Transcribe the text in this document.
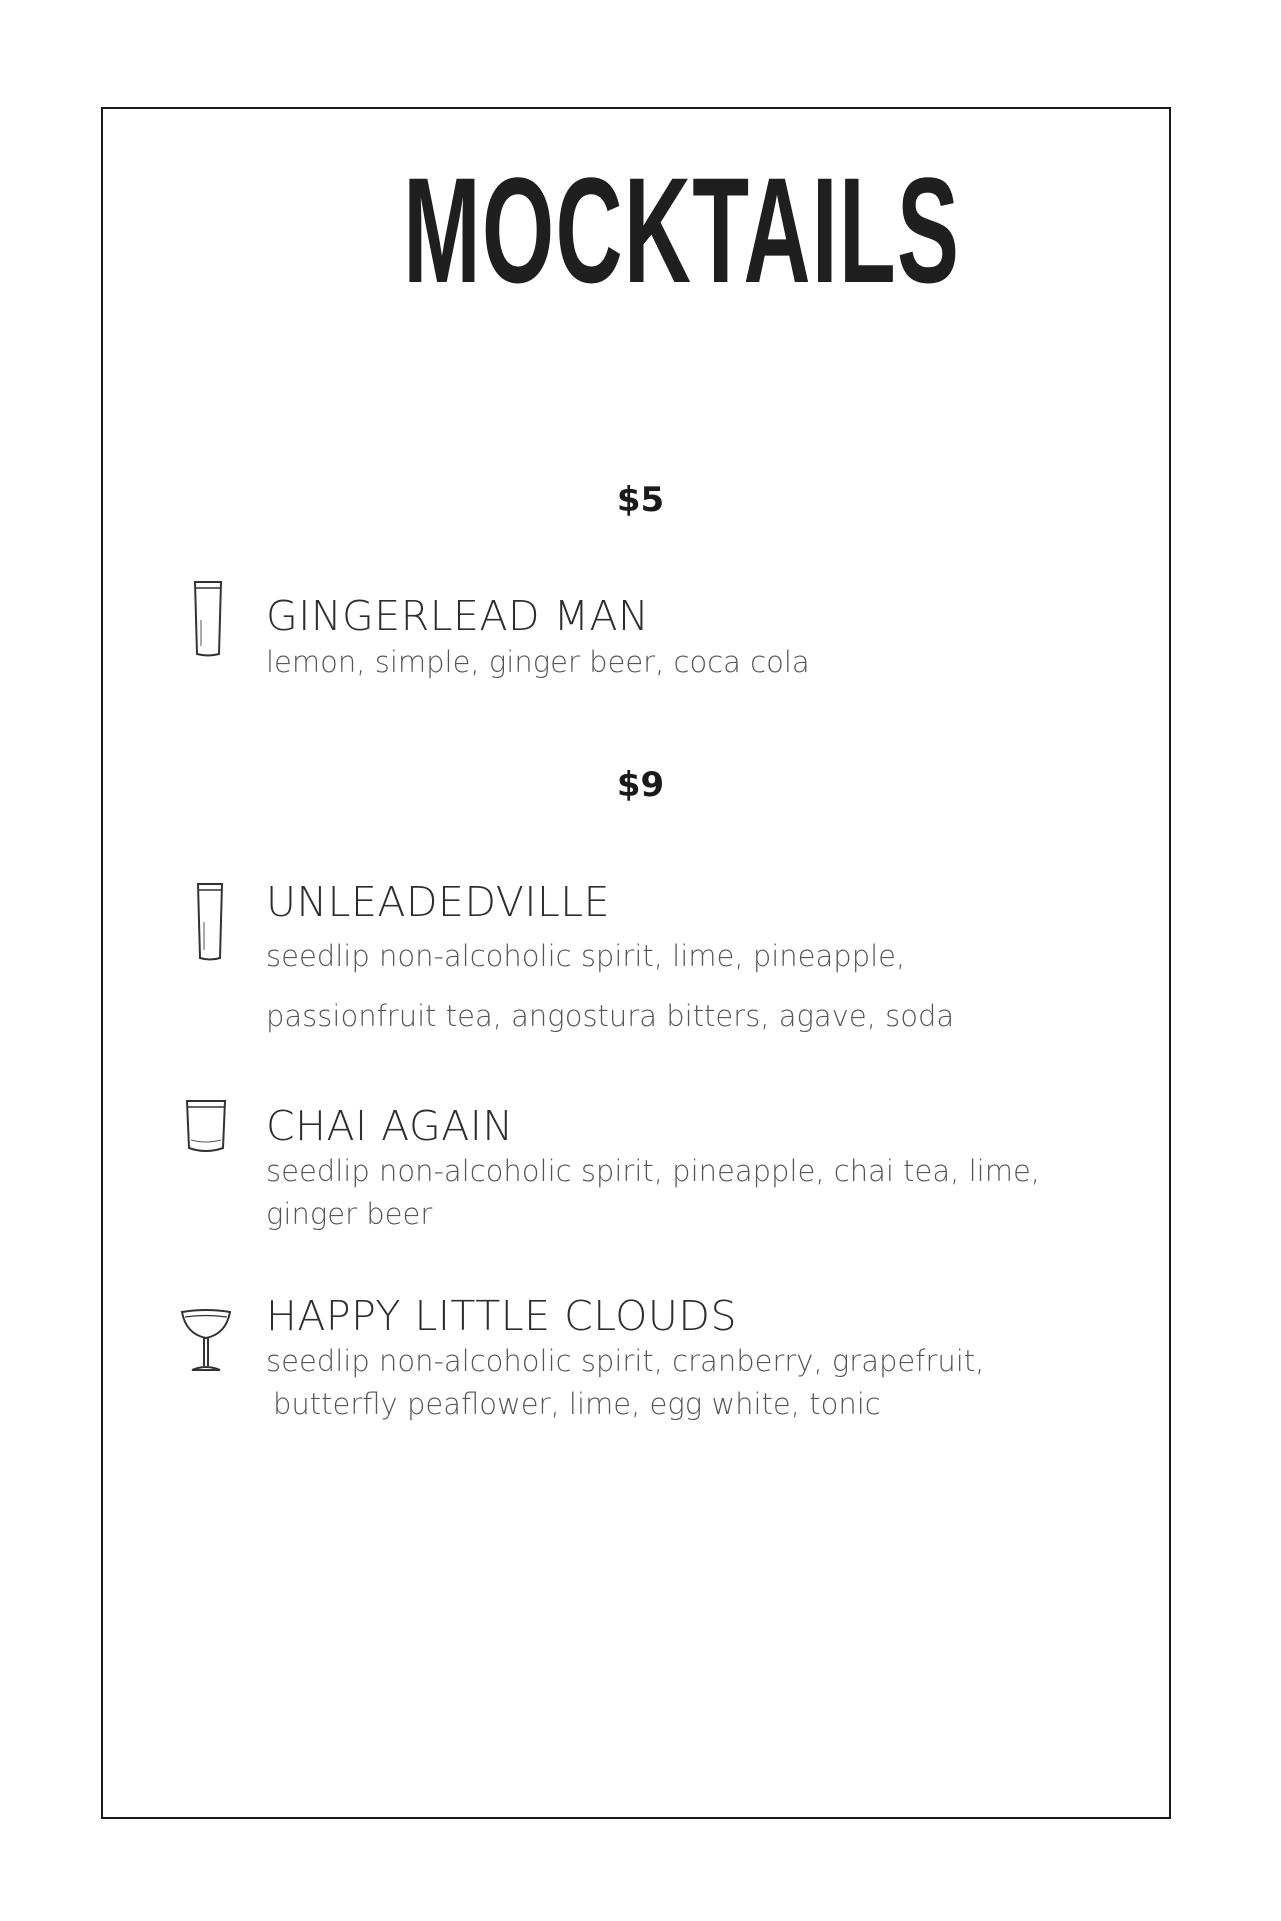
MOCKTAILS
$5
GINGERLEAD MAN
lemon, simple, ginger beer, coca cola
$9
UNLEADEDVILLE
seedlip non-alcoholic spirit, lime, pineapple,
passionfruit tea, angostura bitters, agave, soda
CHAI AGAIN
seedlip non-alcoholic spirit, pineapple, chai tea, lime,
ginger beer
HAPPY LITTLE CLOUDS
seedlip non-alcoholic spirit, cranberry, grapefruit,
butterfly peaflower, lime, egg white, tonic
